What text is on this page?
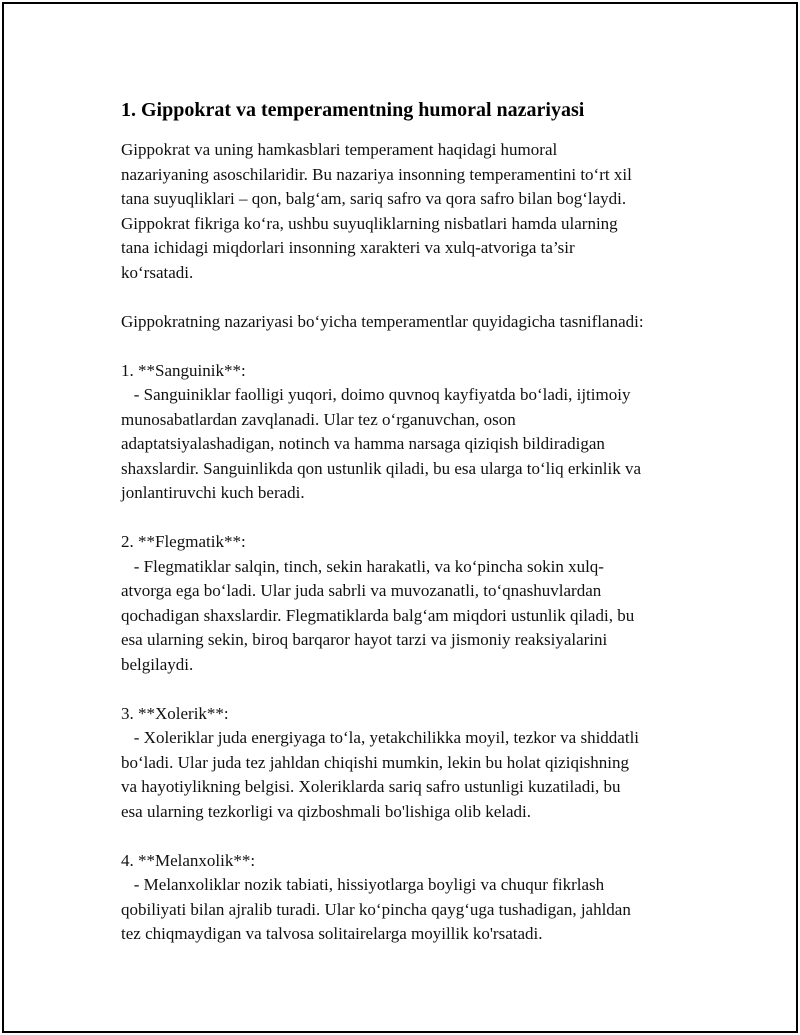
1. Gippokrat va temperamentning humoral nazariyasi

Gippokrat va uning hamkasblari temperament haqidagi humoral
nazariyaning asoschilaridir. Bu nazariya insonning temperamentini to‘rt xil
tana suyuqliklari – qon, balg‘am, sariq safro va qora safro bilan bog‘laydi.
Gippokrat fikriga ko‘ra, ushbu suyuqliklarning nisbatlari hamda ularning
tana ichidagi miqdorlari insonning xarakteri va xulq-atvoriga ta’sir
ko‘rsatadi.

Gippokratning nazariyasi bo‘yicha temperamentlar quyidagicha tasniflanadi:

1. **Sanguinik**:

- Sanguiniklar faolligi yuqori, doimo quvnoq kayfiyatda bo‘ladi, ijtimoiy
munosabatlardan zavqlanadi. Ular tez o‘rganuvchan, oson
adaptatsiyalashadigan, notinch va hamma narsaga qiziqish bildiradigan
shaxslardir. Sanguinlikda qon ustunlik qiladi, bu esa ularga to‘liq erkinlik va
jonlantiruvchi kuch beradi.

2. **Flegmatik**:

- Flegmatiklar salqin, tinch, sekin harakatli, va ko‘pincha sokin xulq-
atvorga ega bo‘ladi. Ular juda sabrli va muvozanatli, to‘qnashuvlardan
qochadigan shaxslardir. Flegmatiklarda balg‘am miqdori ustunlik qiladi, bu
esa ularning sekin, biroq barqaror hayot tarzi va jismoniy reaksiyalarini
belgilaydi.

3. **Xolerik**:

- Xoleriklar juda energiyaga to‘la, yetakchilikka moyil, tezkor va shiddatli
bo‘ladi. Ular juda tez jahldan chiqishi mumkin, lekin bu holat qiziqishning
va hayotiylikning belgisi. Xoleriklarda sariq safro ustunligi kuzatiladi, bu
esa ularning tezkorligi va qizboshmali bo'lishiga olib keladi.

4. **Melanxolik**:

- Melanxoliklar nozik tabiati, hissiyotlarga boyligi va chuqur fikrlash
qobiliyati bilan ajralib turadi. Ular ko‘pincha qayg‘uga tushadigan, jahldan
tez chiqmaydigan va talvosa solitairelarga moyillik ko'rsatadi.
